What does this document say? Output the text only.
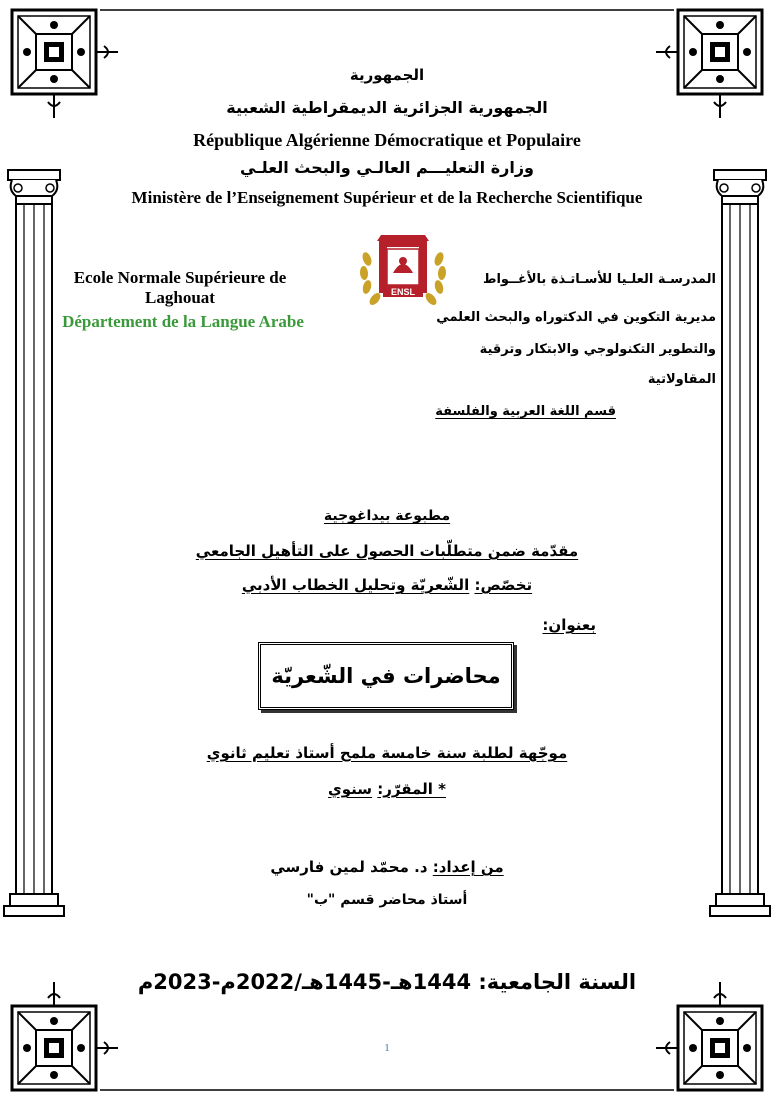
الجمهورية
الجمهورية الجزائرية الديمقراطية الشعبية
République Algérienne Démocratique et Populaire
وزارة التعليـــم العالـي والبحث العلـي
Ministère de l’Enseignement Supérieur et de la Recherche Scientifique
Ecole Normale Supérieure de
Laghouat
Département de la Langue Arabe
ENSL
المدرسـة العلـيا للأسـاتـذة بالأغــواط
مديرية التكوين في الدكتوراه والبحث العلمي
والتطوير التكنولوجي والابتكار وترقية
المقاولاتية
قسم اللغة العربية والفلسفة
مطبوعة بيداغوجية
مقدّمة ضمن متطلّبات الحصول على التأهيل الجامعي
تخصّص: الشّعريّة وتحليل الخطاب الأدبي
بعنوان:
محاضرات في الشّعريّة
موجّهة لطلبة سنة خامسة ملمح أستاذ تعليم ثانوي
* المقرّر: سنوي
من إعداد: د. محمّد لمين فارسي
أستاذ محاضر قسم "ب"
السنة الجامعية: 1444هـ-1445هـ/2022م-2023م
1
